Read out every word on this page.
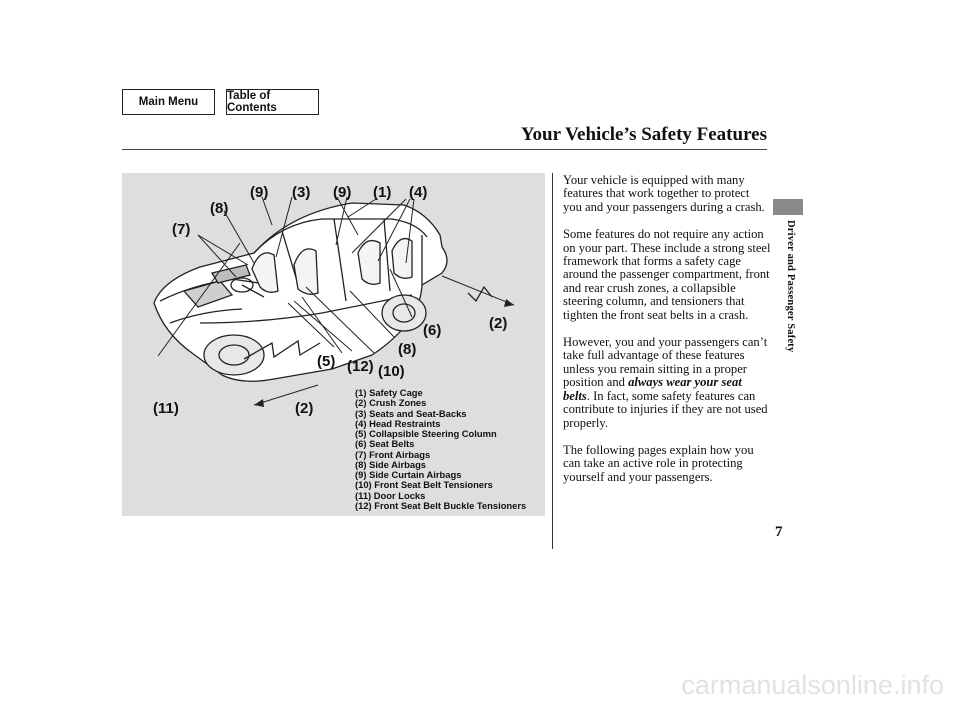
Main Menu	Table of Contents
Your Vehicle’s Safety Features
(9) (3) (9) (1) (4)
(8)
(7)
(2)
(6)
(8)
(5) (12) (10)
(11)	(2)
(1) Safety Cage
(2) Crush Zones
(3) Seats and Seat-Backs
(4) Head Restraints
(5) Collapsible Steering Column
(6) Seat Belts
(7) Front Airbags
(8) Side Airbags
(9) Side Curtain Airbags
(10) Front Seat Belt Tensioners
(11) Door Locks
(12) Front Seat Belt Buckle Tensioners

Your vehicle is equipped with many features that work together to protect you and your passengers during a crash.

Some features do not require any action on your part. These include a strong steel framework that forms a safety cage around the passenger compartment, front and rear crush zones, a collapsible steering column, and tensioners that tighten the front seat belts in a crash.

However, you and your passengers can’t take full advantage of these features unless you remain sitting in a proper position and always wear your seat belts. In fact, some safety features can contribute to injuries if they are not used properly.

The following pages explain how you can take an active role in protecting yourself and your passengers.

Driver and Passenger Safety
7
carmanualsonline.info
